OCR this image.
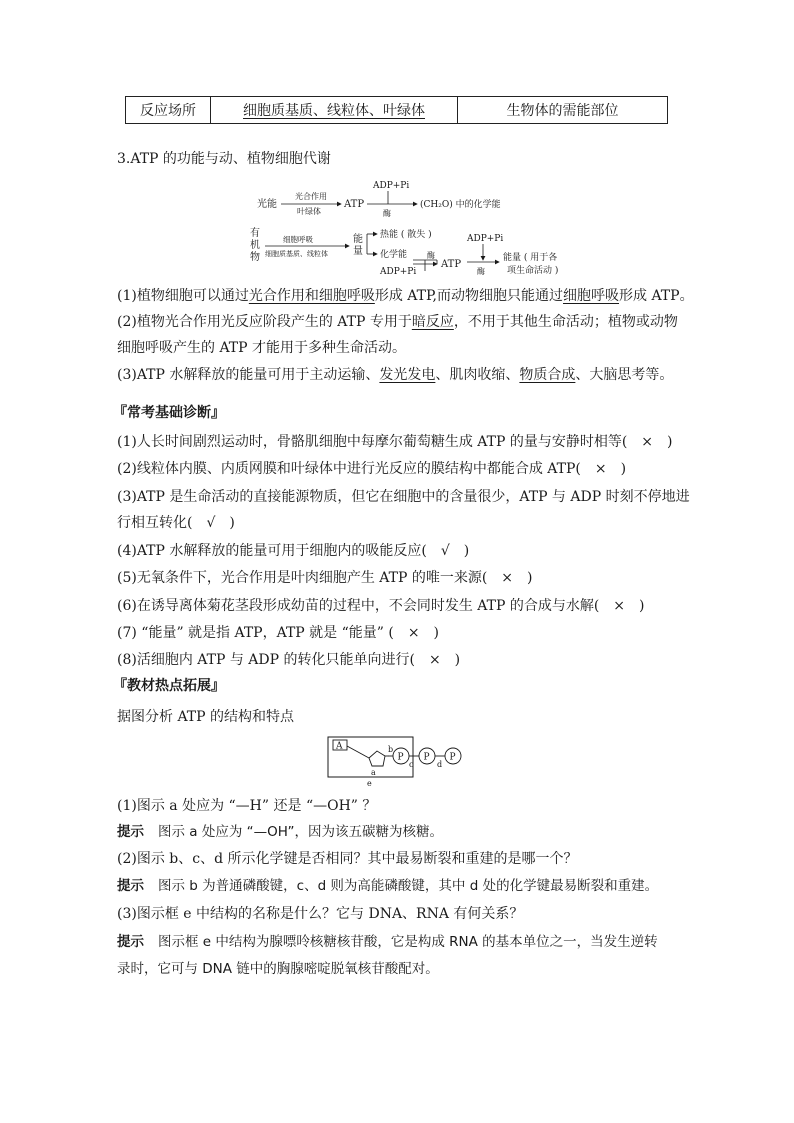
反应场所	细胞质基质、线粒体、叶绿体	生物体的需能部位
3.ATP 的功能与动、植物细胞代谢
光能
光合作用
叶绿体
ATP
ADP+Pi
酶
(CH₂O) 中的化学能
有
机
物
细胞呼吸
细胞质基质、线粒体
能
量
热能 ( 散失 )
化学能
ADP+Pi
酶
ATP
ADP+Pi
酶
能量 ( 用于各
项生命活动 )
(1)植物细胞可以通过光合作用和细胞呼吸形成 ATP,而动物细胞只能通过细胞呼吸形成 ATP。
(2)植物光合作用光反应阶段产生的 ATP 专用于暗反应，不用于其他生命活动；植物或动物
细胞呼吸产生的 ATP 才能用于多种生命活动。
(3)ATP 水解释放的能量可用于主动运输、发光发电、肌肉收缩、物质合成、大脑思考等。
『常考基础诊断』
(1)人长时间剧烈运动时，骨骼肌细胞中每摩尔葡萄糖生成 ATP 的量与安静时相等(　×　)
(2)线粒体内膜、内质网膜和叶绿体中进行光反应的膜结构中都能合成 ATP(　×　)
(3)ATP 是生命活动的直接能源物质，但它在细胞中的含量很少，ATP 与 ADP 时刻不停地进
行相互转化(　√　)
(4)ATP 水解释放的能量可用于细胞内的吸能反应(　√　)
(5)无氧条件下，光合作用是叶肉细胞产生 ATP 的唯一来源(　×　)
(6)在诱导离体菊花茎段形成幼苗的过程中，不会同时发生 ATP 的合成与水解(　×　)
(7) “能量” 就是指 ATP，ATP 就是 “能量” (　×　)
(8)活细胞内 ATP 与 ADP 的转化只能单向进行(　×　)
『教材热点拓展』
据图分析 ATP 的结构和特点
A
a
b
P
c
P
d
P
e
(1)图示 a 处应为 “—H” 还是 “—OH” ？
提示 图示 a 处应为 “—OH”，因为该五碳糖为核糖。
(2)图示 b、c、d 所示化学键是否相同？其中最易断裂和重建的是哪一个？
提示 图示 b 为普通磷酸键，c、d 则为高能磷酸键，其中 d 处的化学键最易断裂和重建。
(3)图示框 e 中结构的名称是什么？它与 DNA、RNA 有何关系？
提示 图示框 e 中结构为腺嘌呤核糖核苷酸，它是构成 RNA 的基本单位之一，当发生逆转
录时，它可与 DNA 链中的胸腺嘧啶脱氧核苷酸配对。
